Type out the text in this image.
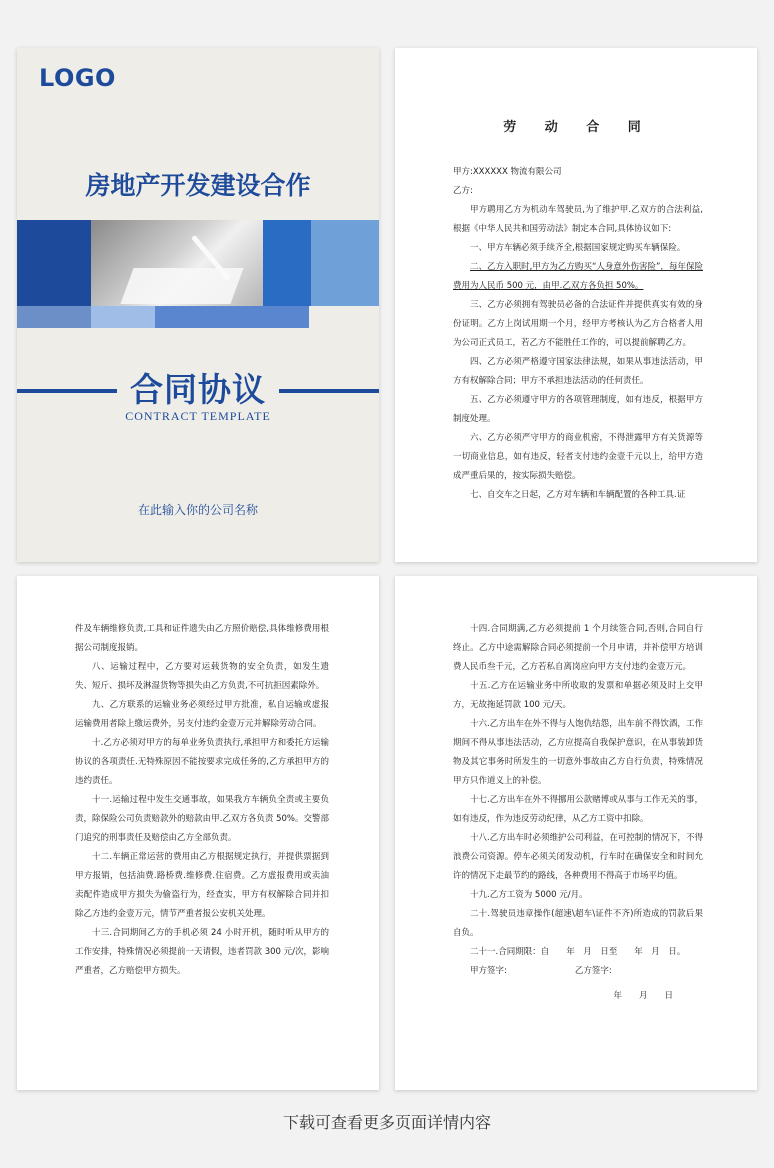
LOGO
房地产开发建设合作
合同协议
CONTRACT TEMPLATE
在此输入你的公司名称
劳 动 合 同

甲方:XXXXXX 物流有限公司

乙方:

甲方聘用乙方为机动车驾驶员,为了维护甲.乙双方的合法利益,根据《中华人民共和国劳动法》制定本合同,具体协议如下:

一、甲方车辆必须手续齐全,根据国家规定购买车辆保险。

二、乙方入职时,甲方为乙方购买“人身意外伤害险”，每年保险费用为人民币 500 元，由甲.乙双方各负担 50%。

三、乙方必须拥有驾驶员必备的合法证件并提供真实有效的身份证明。乙方上岗试用期一个月，经甲方考核认为乙方合格者人用为公司正式员工，若乙方不能胜任工作的，可以提前解聘乙方。

四、乙方必须严格遵守国家法律法规，如果从事违法活动，甲方有权解除合同；甲方不承担违法活动的任何责任。

五、乙方必须遵守甲方的各项管理制度，如有违反，根据甲方制度处理。

六、乙方必须严守甲方的商业机密，不得泄露甲方有关货源等一切商业信息，如有违反，轻者支付违约金壹千元以上，给甲方造成严重后果的，按实际损失赔偿。

七、自交车之日起，乙方对车辆和车辆配置的各种工具.证

件及车辆维修负责,工具和证件遗失由乙方照价赔偿,具体维修费用根据公司制度报销。

八、运输过程中，乙方要对运载货物的安全负责，如发生遗失、短斤、损坏及淋湿货物等损失由乙方负责,不可抗拒因素除外。

九、乙方联系的运输业务必须经过甲方批准，私自运输或虚报运输费用者除上缴运费外，另支付违约金壹万元并解除劳动合同。

十.乙方必须对甲方的每单业务负责执行,承担甲方和委托方运输协议的各项责任.无特殊原因不能按要求完成任务的,乙方承担甲方的违约责任。

十一.运输过程中发生交通事故，如果我方车辆负全责或主要负责，除保险公司负责赔款外的赔款由甲.乙双方各负责 50%。交警部门追究的刑事责任及赔偿由乙方全部负责。

十二.车辆正常运营的费用由乙方根据规定执行，并提供票据到甲方报销，包括油费.路桥费.维修费.住宿费。乙方虚报费用或卖油卖配件造成甲方损失为偷盗行为，经查实，甲方有权解除合同并扣除乙方违约金壹万元，情节严重者报公安机关处理。

十三.合同期间乙方的手机必须 24 小时开机，随时听从甲方的工作安排，特殊情况必须提前一天请假，违者罚款 300 元/次，影响严重者，乙方赔偿甲方损失。

十四.合同期满,乙方必须提前 1 个月续签合同,否则,合同自行终止。乙方中途需解除合同必须提前一个月申请，并补偿甲方培训费人民币叁千元，乙方若私自离岗应向甲方支付违约金壹万元。

十五.乙方在运输业务中所收取的发票和单据必须及时上交甲方，无故拖延罚款 100 元/天。

十六.乙方出车在外不得与人饱仇结怨，出车前不得饮酒，工作期间不得从事违法活动，乙方应提高自我保护意识，在从事装卸货物及其它事务时所发生的一切意外事故由乙方自行负责，特殊情况甲方只作道义上的补偿。

十七.乙方出车在外不得挪用公款赌博或从事与工作无关的事，如有违反，作为违反劳动纪律，从乙方工资中扣除。

十八.乙方出车时必须维护公司利益，在可控制的情况下，不得浪费公司资源。停车必须关闭发动机，行车时在确保安全和时间允许的情况下走最节约的路线，各种费用不得高于市场平均值。

十九.乙方工资为 5000 元/月。

二十.驾驶员违章操作(超速\超车\证件不齐)所造成的罚款后果自负。

二十一.合同期限：自　　年　月　日至　　年　月　日。

甲方签字:　　　　　　　　乙方签字:

年　　月　　日

下载可查看更多页面详情内容
